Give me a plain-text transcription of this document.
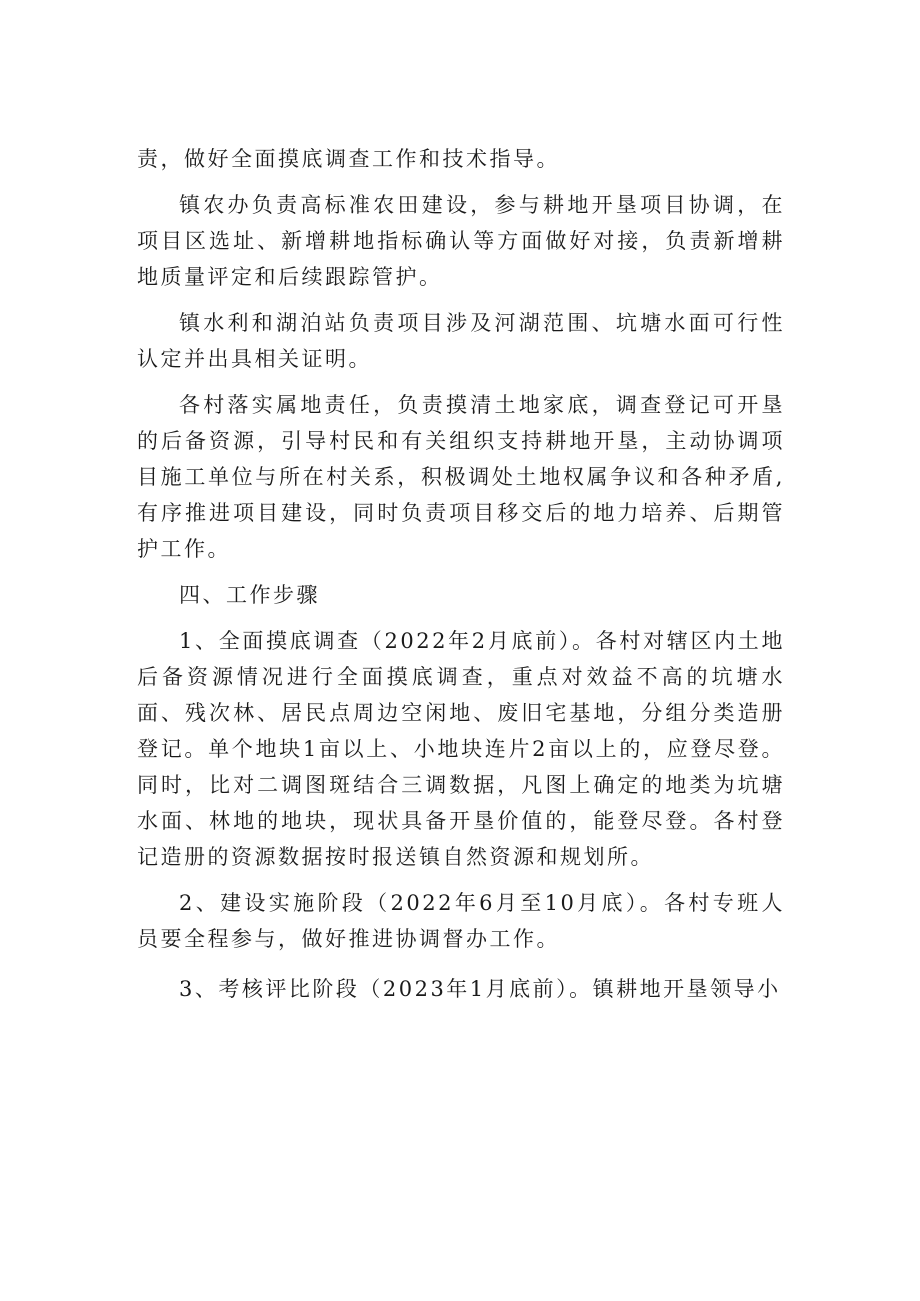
责，做好全面摸底调查工作和技术指导。

镇农办负责高标准农田建设，参与耕地开垦项目协调，在项目区选址、新增耕地指标确认等方面做好对接，负责新增耕地质量评定和后续跟踪管护。

镇水利和湖泊站负责项目涉及河湖范围、坑塘水面可行性认定并出具相关证明。

各村落实属地责任，负责摸清土地家底，调查登记可开垦的后备资源，引导村民和有关组织支持耕地开垦，主动协调项目施工单位与所在村关系，积极调处土地权属争议和各种矛盾,有序推进项目建设，同时负责项目移交后的地力培养、后期管护工作。

四、工作步骤

1、全面摸底调查（2022年2月底前）。各村对辖区内土地后备资源情况进行全面摸底调查，重点对效益不高的坑塘水面、残次林、居民点周边空闲地、废旧宅基地，分组分类造册登记。单个地块1亩以上、小地块连片2亩以上的，应登尽登。同时，比对二调图斑结合三调数据，凡图上确定的地类为坑塘水面、林地的地块，现状具备开垦价值的，能登尽登。各村登记造册的资源数据按时报送镇自然资源和规划所。

2、建设实施阶段（2022年6月至10月底）。各村专班人员要全程参与，做好推进协调督办工作。

3、考核评比阶段（2023年1月底前）。镇耕地开垦领导小
